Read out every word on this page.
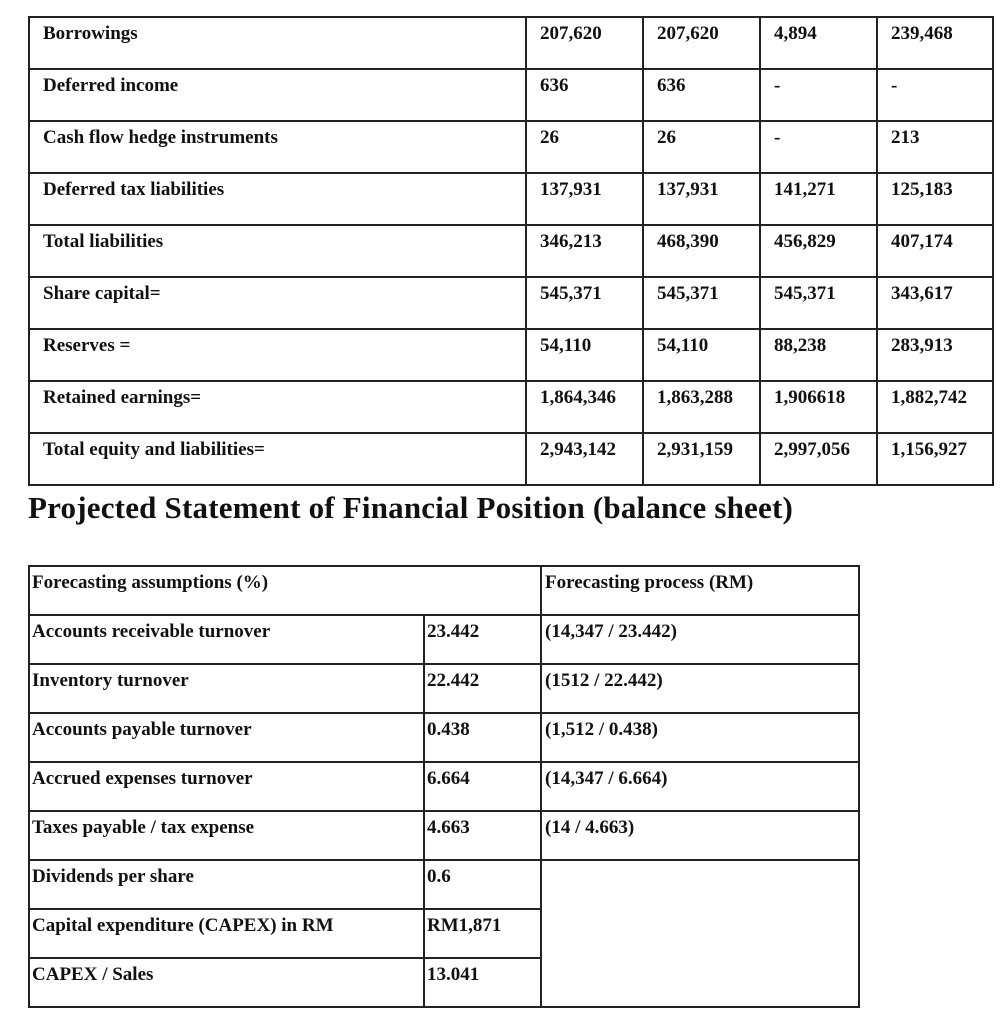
Borrowings	207,620	207,620	4,894	239,468
Deferred income	636	636	-	-
Cash flow hedge instruments	26	26	-	213
Deferred tax liabilities	137,931	137,931	141,271	125,183
Total liabilities	346,213	468,390	456,829	407,174
Share capital=	545,371	545,371	545,371	343,617
Reserves =	54,110	54,110	88,238	283,913
Retained earnings=	1,864,346	1,863,288	1,906618	1,882,742
Total equity and liabilities=	2,943,142	2,931,159	2,997,056	1,156,927
Projected Statement of Financial Position (balance sheet)
Forecasting assumptions (%)		Forecasting process (RM)
Accounts receivable turnover	23.442	(14,347 / 23.442)
Inventory turnover	22.442	(1512 / 22.442)
Accounts payable turnover	0.438	(1,512 / 0.438)
Accrued expenses turnover	6.664	(14,347 / 6.664)
Taxes payable / tax expense	4.663	(14 / 4.663)
Dividends per share	0.6	
Capital expenditure (CAPEX) in RM	RM1,871	
CAPEX / Sales	13.041	
